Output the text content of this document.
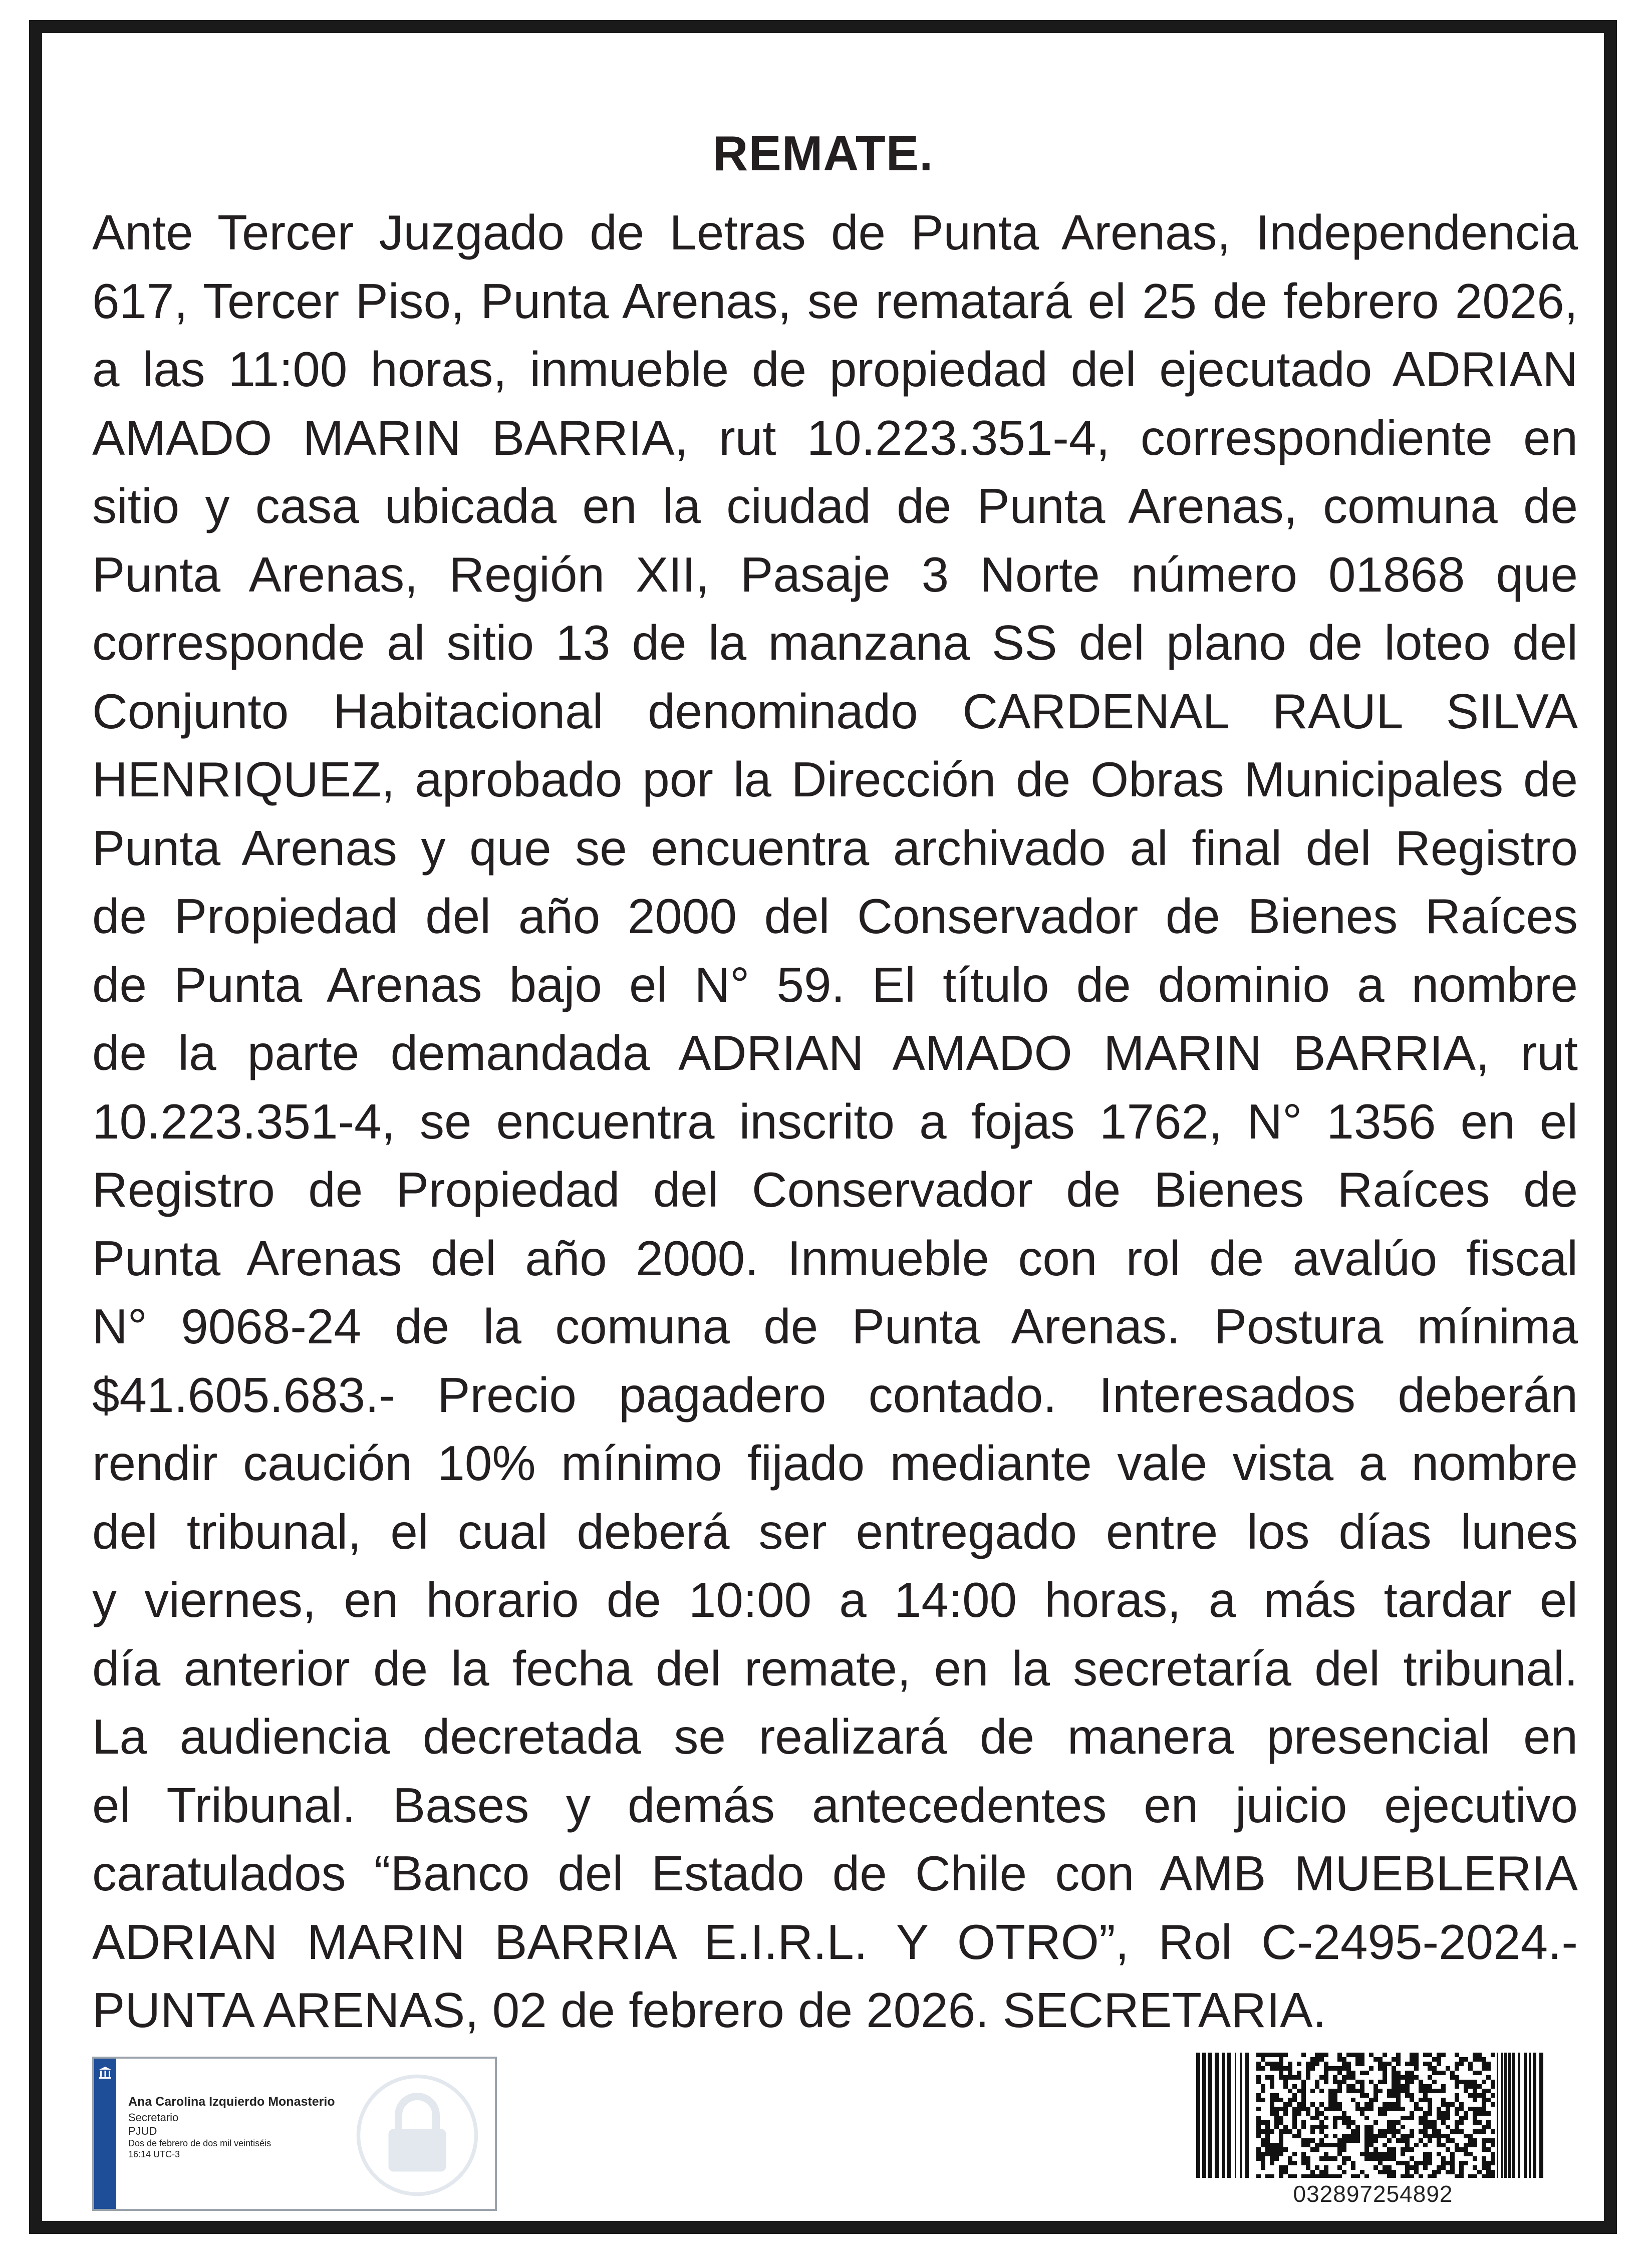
REMATE.
Ante Tercer Juzgado de Letras de Punta Arenas, Independencia
617, Tercer Piso, Punta Arenas, se rematará el 25 de febrero 2026,
a las 11:00 horas, inmueble de propiedad del ejecutado ADRIAN
AMADO MARIN BARRIA, rut 10.223.351-4, correspondiente en
sitio y casa ubicada en la ciudad de Punta Arenas, comuna de
Punta Arenas, Región XII, Pasaje 3 Norte número 01868 que
corresponde al sitio 13 de la manzana SS del plano de loteo del
Conjunto Habitacional denominado CARDENAL RAUL SILVA
HENRIQUEZ, aprobado por la Dirección de Obras Municipales de
Punta Arenas y que se encuentra archivado al final del Registro
de Propiedad del año 2000 del Conservador de Bienes Raíces
de Punta Arenas bajo el N° 59. El título de dominio a nombre
de la parte demandada ADRIAN AMADO MARIN BARRIA, rut
10.223.351-4, se encuentra inscrito a fojas 1762, N° 1356 en el
Registro de Propiedad del Conservador de Bienes Raíces de
Punta Arenas del año 2000. Inmueble con rol de avalúo fiscal
N° 9068-24 de la comuna de Punta Arenas. Postura mínima
$41.605.683.- Precio pagadero contado. Interesados deberán
rendir caución 10% mínimo fijado mediante vale vista a nombre
del tribunal, el cual deberá ser entregado entre los días lunes
y viernes, en horario de 10:00 a 14:00 horas, a más tardar el
día anterior de la fecha del remate, en la secretaría del tribunal.
La audiencia decretada se realizará de manera presencial en
el Tribunal. Bases y demás antecedentes en juicio ejecutivo
caratulados “Banco del Estado de Chile con AMB MUEBLERIA
ADRIAN MARIN BARRIA E.I.R.L. Y OTRO”, Rol C-2495-2024.-
PUNTA ARENAS, 02 de febrero de 2026. SECRETARIA.
Ana Carolina Izquierdo Monasterio
Secretario
PJUD
Dos de febrero de dos mil veintiséis
16:14 UTC-3
032897254892
